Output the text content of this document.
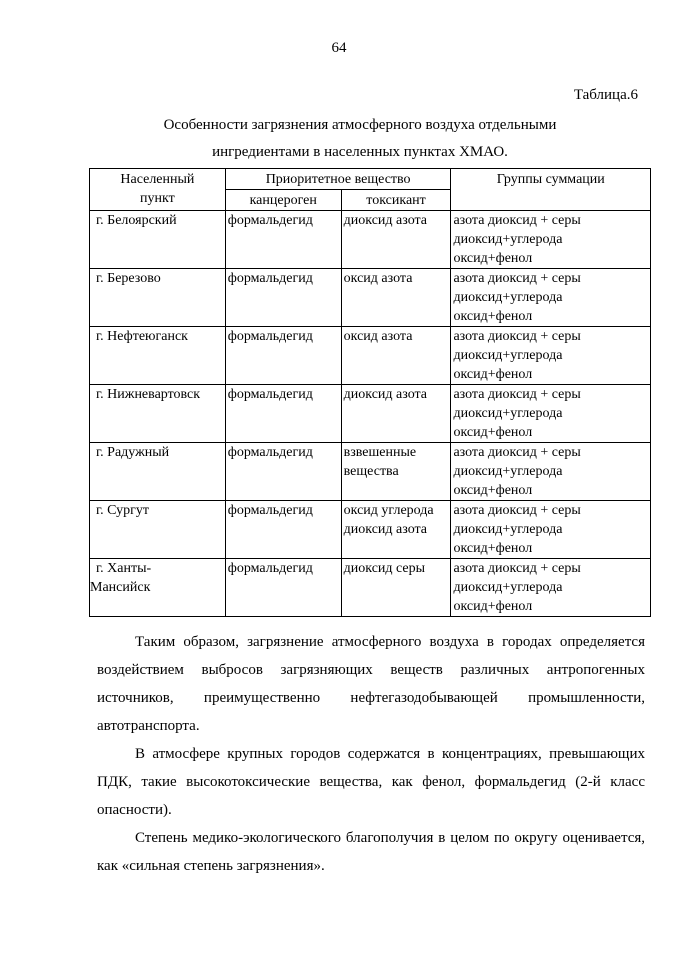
64
Таблица.6
Особенности загрязнения атмосферного воздуха отдельными
ингредиентами в населенных пунктах ХМАО.
Населенный
пункт	Приоритетное вещество		Группы суммации
	канцероген	токсикант	

г. Белоярский	формальдегид	диоксид азота	азота диоксид + серы
диоксид+углерода
оксид+фенол

г. Березово	формальдегид	оксид азота	азота диоксид + серы
диоксид+углерода
оксид+фенол

г. Нефтеюганск	формальдегид	оксид азота	азота диоксид + серы
диоксид+углерода
оксид+фенол

г. Нижневартовск	формальдегид	диоксид азота	азота диоксид + серы
диоксид+углерода
оксид+фенол

г. Радужный	формальдегид	взвешенные вещества	азота диоксид + серы
диоксид+углерода
оксид+фенол

г. Сургут	формальдегид	оксид углерода диоксид азота	азота диоксид + серы
диоксид+углерода
оксид+фенол

г. Ханты-
Мансийск	формальдегид	диоксид серы	азота диоксид + серы
диоксид+углерода
оксид+фенол

Таким образом, загрязнение атмосферного воздуха в городах определяется воздействием выбросов загрязняющих веществ различных антропогенных источников, преимущественно нефтегазодобывающей промышленности, автотранспорта.

В атмосфере крупных городов содержатся в концентрациях, превышающих ПДК, такие высокотоксические вещества, как фенол, формальдегид (2-й класс опасности).

Степень медико-экологического благополучия в целом по округу оценивается, как «сильная степень загрязнения».
